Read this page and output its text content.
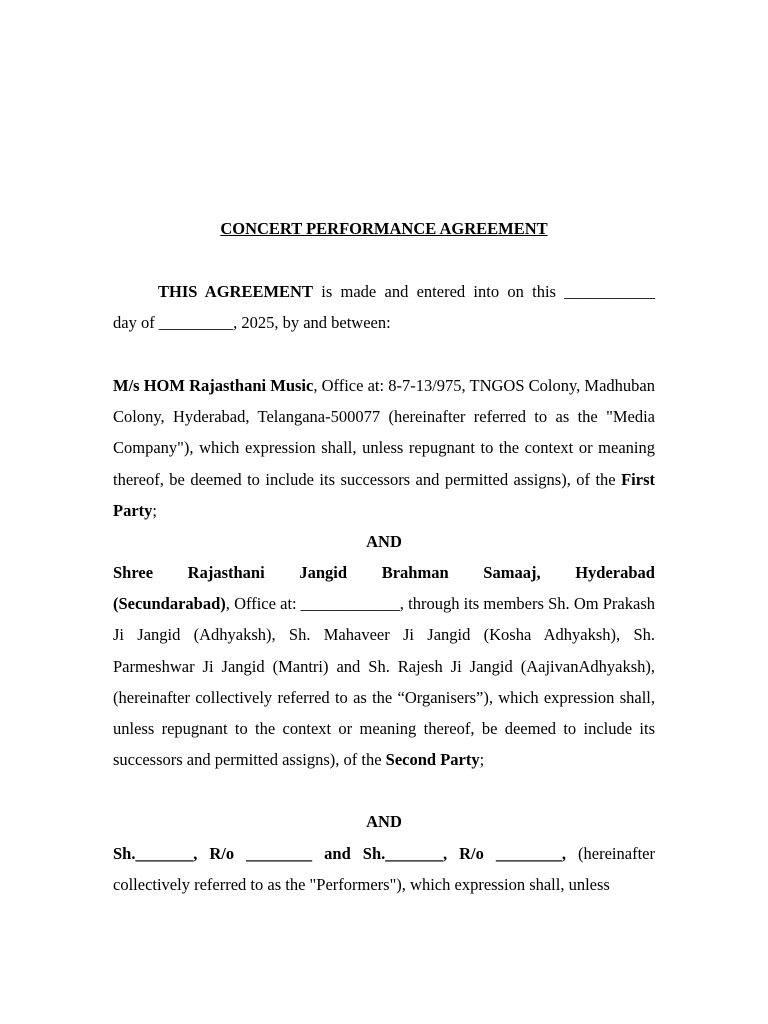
CONCERT PERFORMANCE AGREEMENT
THIS AGREEMENT is made and entered into on this ___________
day of _________, 2025, by and between:
M/s HOM Rajasthani Music, Office at: 8-7-13/975, TNGOS Colony, Madhuban Colony, Hyderabad, Telangana-500077 (hereinafter referred to as the "Media Company"), which expression shall, unless repugnant to the context or meaning thereof, be deemed to include its successors and permitted assigns), of the First Party;
AND
Shree Rajasthani Jangid Brahman Samaaj, Hyderabad
(Secundarabad), Office at: ____________, through its members Sh. Om Prakash Ji Jangid (Adhyaksh), Sh. Mahaveer Ji Jangid (Kosha Adhyaksh), Sh. Parmeshwar Ji Jangid (Mantri) and Sh. Rajesh Ji Jangid (AajivanAdhyaksh), (hereinafter collectively referred to as the “Organisers”), which expression shall, unless repugnant to the context or meaning thereof, be deemed to include its successors and permitted assigns), of the Second Party;
AND
Sh._______, R/o ________ and Sh._______, R/o ________, (hereinafter collectively referred to as the "Performers"), which expression shall, unless
